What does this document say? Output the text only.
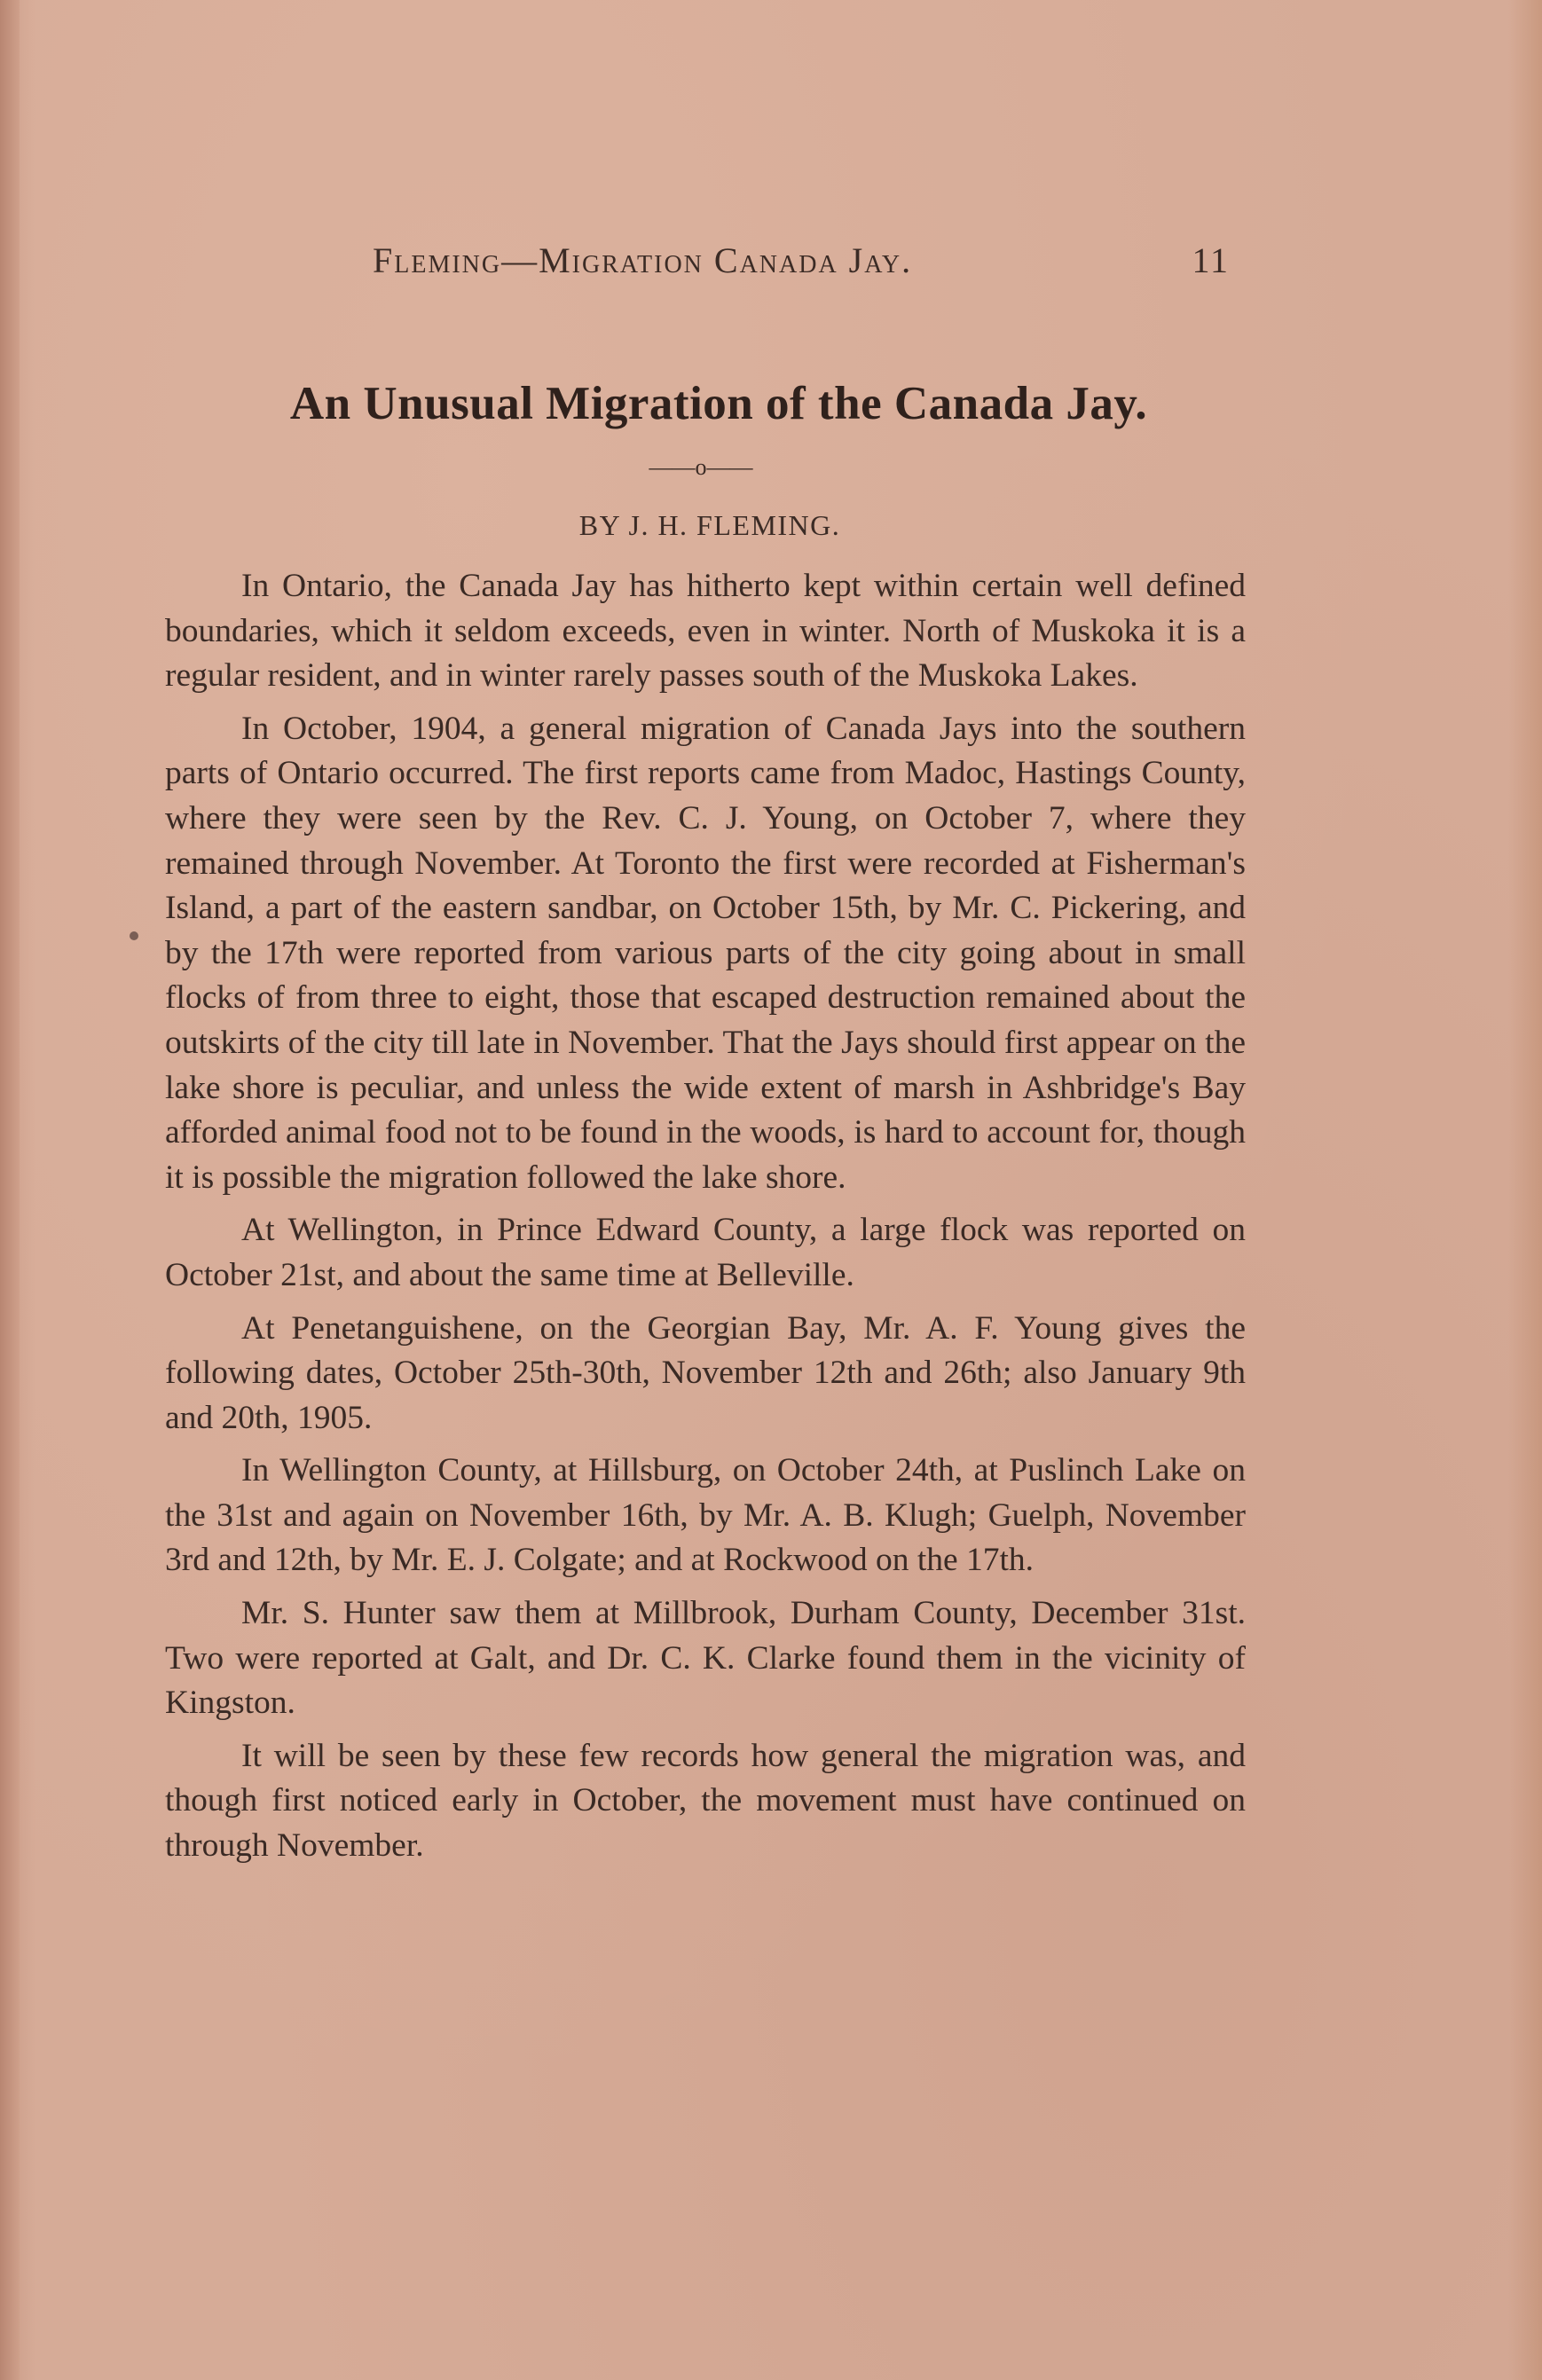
Fleming—Migration Canada Jay.	11
An Unusual Migration of the Canada Jay.
——o——
BY J. H. FLEMING.

In Ontario, the Canada Jay has hitherto kept within certain well defined boundaries, which it seldom exceeds, even in winter. North of Muskoka it is a regular resident, and in winter rarely passes south of the Muskoka Lakes.

In October, 1904, a general migration of Canada Jays into the southern parts of Ontario occurred. The first reports came from Madoc, Hastings County, where they were seen by the Rev. C. J. Young, on October 7, where they remained through November. At Toronto the first were recorded at Fisherman's Island, a part of the eastern sandbar, on October 15th, by Mr. C. Pickering, and by the 17th were reported from various parts of the city going about in small flocks of from three to eight, those that escaped destruction remained about the outskirts of the city till late in November. That the Jays should first appear on the lake shore is peculiar, and unless the wide extent of marsh in Ashbridge's Bay afforded animal food not to be found in the woods, is hard to account for, though it is possible the migration followed the lake shore.

At Wellington, in Prince Edward County, a large flock was reported on October 21st, and about the same time at Belleville.

At Penetanguishene, on the Georgian Bay, Mr. A. F. Young gives the following dates, October 25th-30th, November 12th and 26th; also January 9th and 20th, 1905.

In Wellington County, at Hillsburg, on October 24th, at Puslinch Lake on the 31st and again on November 16th, by Mr. A. B. Klugh; Guelph, November 3rd and 12th, by Mr. E. J. Colgate; and at Rockwood on the 17th.

Mr. S. Hunter saw them at Millbrook, Durham County, December 31st. Two were reported at Galt, and Dr. C. K. Clarke found them in the vicinity of Kingston.

It will be seen by these few records how general the migration was, and though first noticed early in October, the movement must have continued on through November.
